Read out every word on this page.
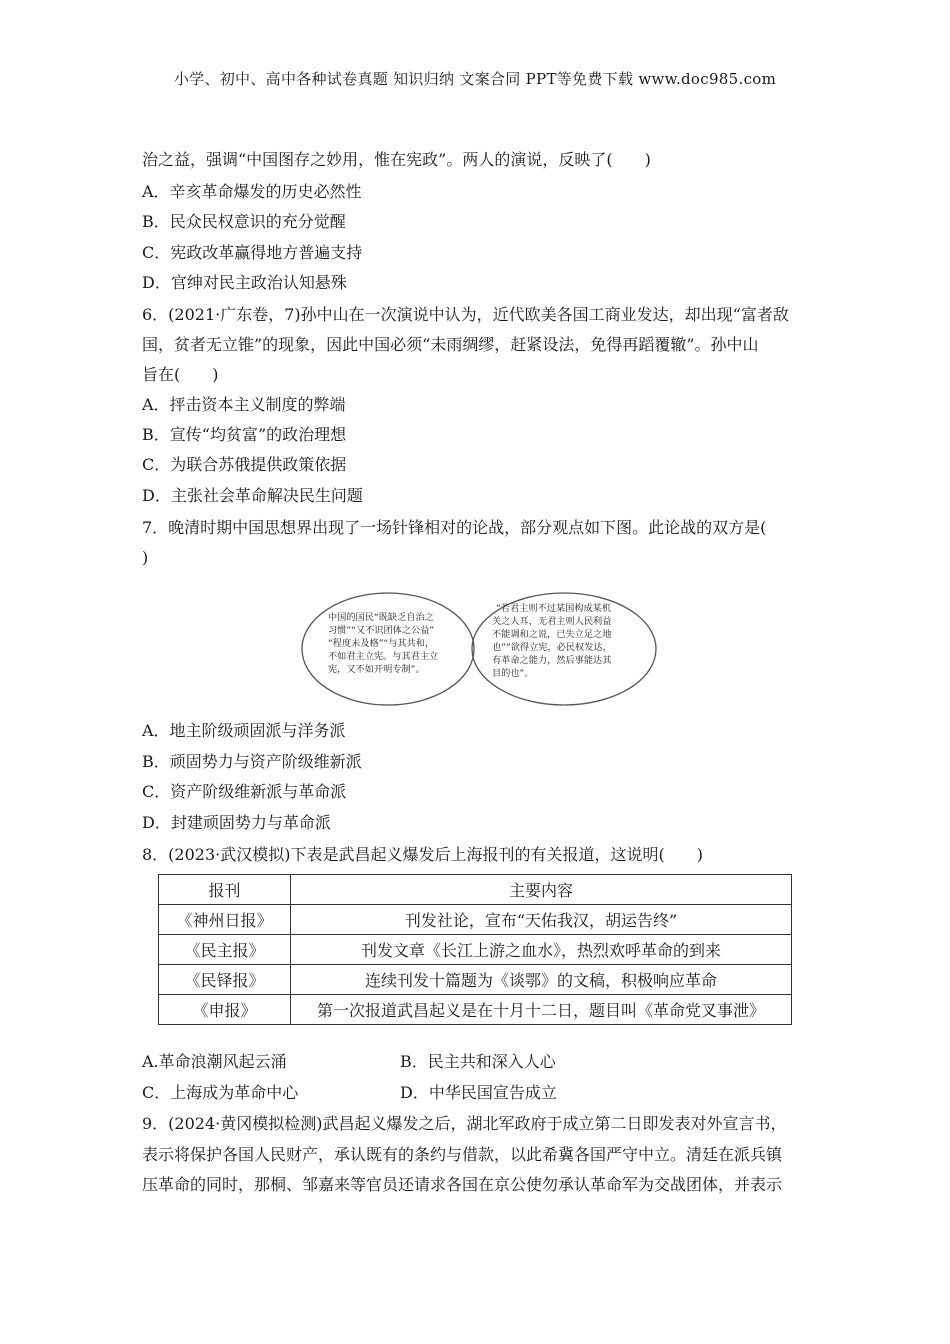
小学、初中、高中各种试卷真题 知识归纳 文案合同 PPT等免费下载 www.doc985.com
治之益，强调“中国图存之妙用，惟在宪政”。两人的演说，反映了(　　)
A．辛亥革命爆发的历史必然性
B．民众民权意识的充分觉醒
C．宪政改革赢得地方普遍支持
D．官绅对民主政治认知悬殊
6．(2021·广东卷，7)孙中山在一次演说中认为，近代欧美各国工商业发达，却出现“富者敌
国，贫者无立锥”的现象，因此中国必须“未雨绸缪，赶紧设法，免得再蹈覆辙”。孙中山
旨在(　　)
A．抨击资本主义制度的弊端
B．宣传“均贫富”的政治理想
C．为联合苏俄提供政策依据
D．主张社会革命解决民生问题
7．晚清时期中国思想界出现了一场针锋相对的论战，部分观点如下图。此论战的双方是(
)
中国的国民“既缺乏自治之
习惯”“又不识团体之公益”
“程度未及格”“与其共和，
不如君主立宪。与其君主立
宪，又不如开明专制”。
“若君主则不过某国构成某机
关之人耳，无君主则人民利益
不能调和之说，已失立足之地
也”“欲得立宪，必民权发达，
有革命之能力，然后事能达其
目的也”。
A．地主阶级顽固派与洋务派
B．顽固势力与资产阶级维新派
C．资产阶级维新派与革命派
D．封建顽固势力与革命派
8．(2023·武汉模拟)下表是武昌起义爆发后上海报刊的有关报道，这说明(　　)
报刊	主要内容
《神州日报》	刊发社论，宣布“天佑我汉，胡运告终”
《民主报》	刊发文章《长江上游之血水》，热烈欢呼革命的到来
《民铎报》	连续刊发十篇题为《谈鄂》的文稿，积极响应革命
《申报》	第一次报道武昌起义是在十月十二日，题目叫《革命党叉事泄》
A.革命浪潮风起云涌	B．民主共和深入人心
C．上海成为革命中心	D．中华民国宣告成立
9．(2024·黄冈模拟检测)武昌起义爆发之后，湖北军政府于成立第二日即发表对外宣言书，
表示将保护各国人民财产，承认既有的条约与借款，以此希冀各国严守中立。清廷在派兵镇
压革命的同时，那桐、邹嘉来等官员还请求各国在京公使勿承认革命军为交战团体，并表示
